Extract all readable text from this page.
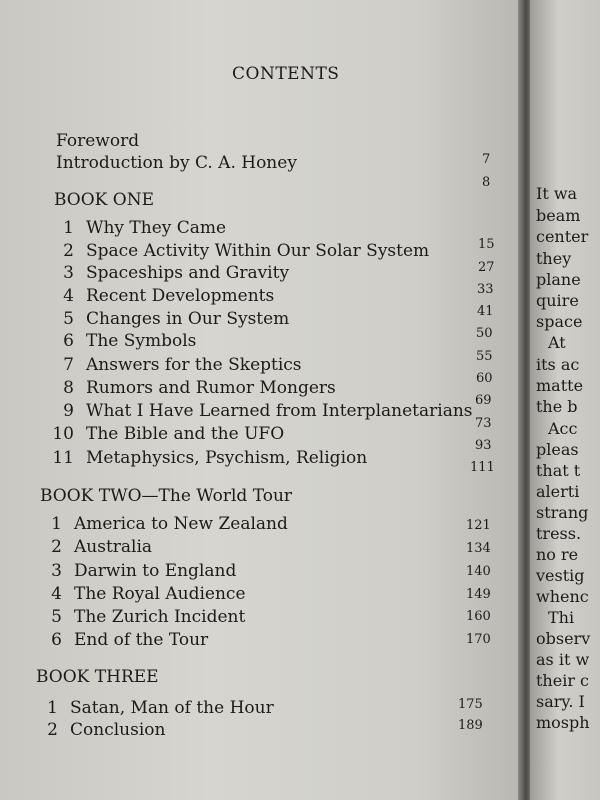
CONTENTS
Foreword
Introduction by C. A. Honey	7
8
BOOK ONE
1 Why They Came
2 Space Activity Within Our Solar System
3 Spaceships and Gravity
4 Recent Developments
5 Changes in Our System
6 The Symbols
7 Answers for the Skeptics
8 Rumors and Rumor Mongers
9 What I Have Learned from Interplanetarians
10 The Bible and the UFO
11 Metaphysics, Psychism, Religion
15
27
33
41
50
55
60
69
73
93
111
BOOK TWO—The World Tour
1 America to New Zealand
2 Australia
3 Darwin to England
4 The Royal Audience
5 The Zurich Incident
6 End of the Tour
121
134
140
149
160
170
BOOK THREE
1 Satan, Man of the Hour
2 Conclusion
175
189
It wa
beam
center
they
plane
quire
space
At
its ac
matte
the b
Acc
pleas
that t
alerti
strang
tress.
no re
vestig
whenc
Thi
observ
as it w
their c
sary. I
mosph
